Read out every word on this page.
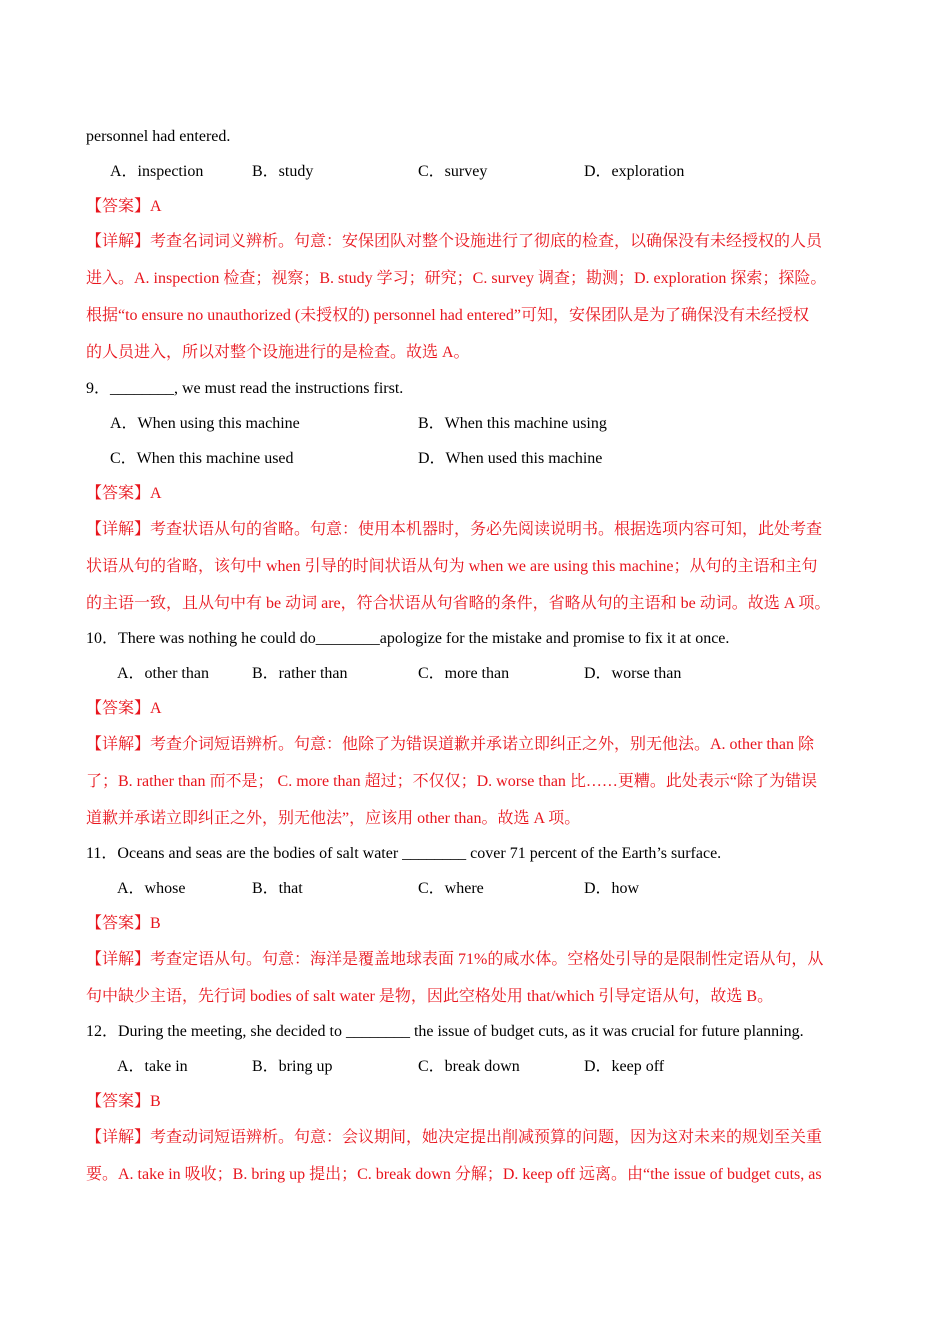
personnel had entered.
A．inspection	B．study	C．survey	D．exploration
【答案】A
【详解】考查名词词义辨析。句意：安保团队对整个设施进行了彻底的检查，以确保没有未经授权的人员
进入。A. inspection 检查；视察；B. study 学习；研究；C. survey 调查；勘测；D. exploration 探索；探险。
根据“to ensure no unauthorized (未授权的) personnel had entered”可知，安保团队是为了确保没有未经授权
的人员进入，所以对整个设施进行的是检查。故选 A。
9．________, we must read the instructions first.
A．When using this machine	B．When this machine using
C．When this machine used	D．When used this machine
【答案】A
【详解】考查状语从句的省略。句意：使用本机器时，务必先阅读说明书。根据选项内容可知，此处考查
状语从句的省略，该句中 when 引导的时间状语从句为 when we are using this machine；从句的主语和主句
的主语一致，且从句中有 be 动词 are，符合状语从句省略的条件，省略从句的主语和 be 动词。故选 A 项。
10．There was nothing he could do________apologize for the mistake and promise to fix it at once.
A．other than	B．rather than	C．more than	D．worse than
【答案】A
【详解】考查介词短语辨析。句意：他除了为错误道歉并承诺立即纠正之外，别无他法。A. other than 除
了；B. rather than 而不是； C. more than 超过；不仅仅；D. worse than 比……更糟。此处表示“除了为错误
道歉并承诺立即纠正之外，别无他法”，应该用 other than。故选 A 项。
11．Oceans and seas are the bodies of salt water ________ cover 71 percent of the Earth’s surface.
A．whose	B．that	C．where	D．how
【答案】B
【详解】考查定语从句。句意：海洋是覆盖地球表面 71%的咸水体。空格处引导的是限制性定语从句，从
句中缺少主语，先行词 bodies of salt water 是物，因此空格处用 that/which 引导定语从句，故选 B。
12．During the meeting, she decided to ________ the issue of budget cuts, as it was crucial for future planning.
A．take in	B．bring up	C．break down	D．keep off
【答案】B
【详解】考查动词短语辨析。句意：会议期间，她决定提出削减预算的问题，因为这对未来的规划至关重
要。A. take in 吸收；B. bring up 提出；C. break down 分解；D. keep off 远离。由“the issue of budget cuts, as
